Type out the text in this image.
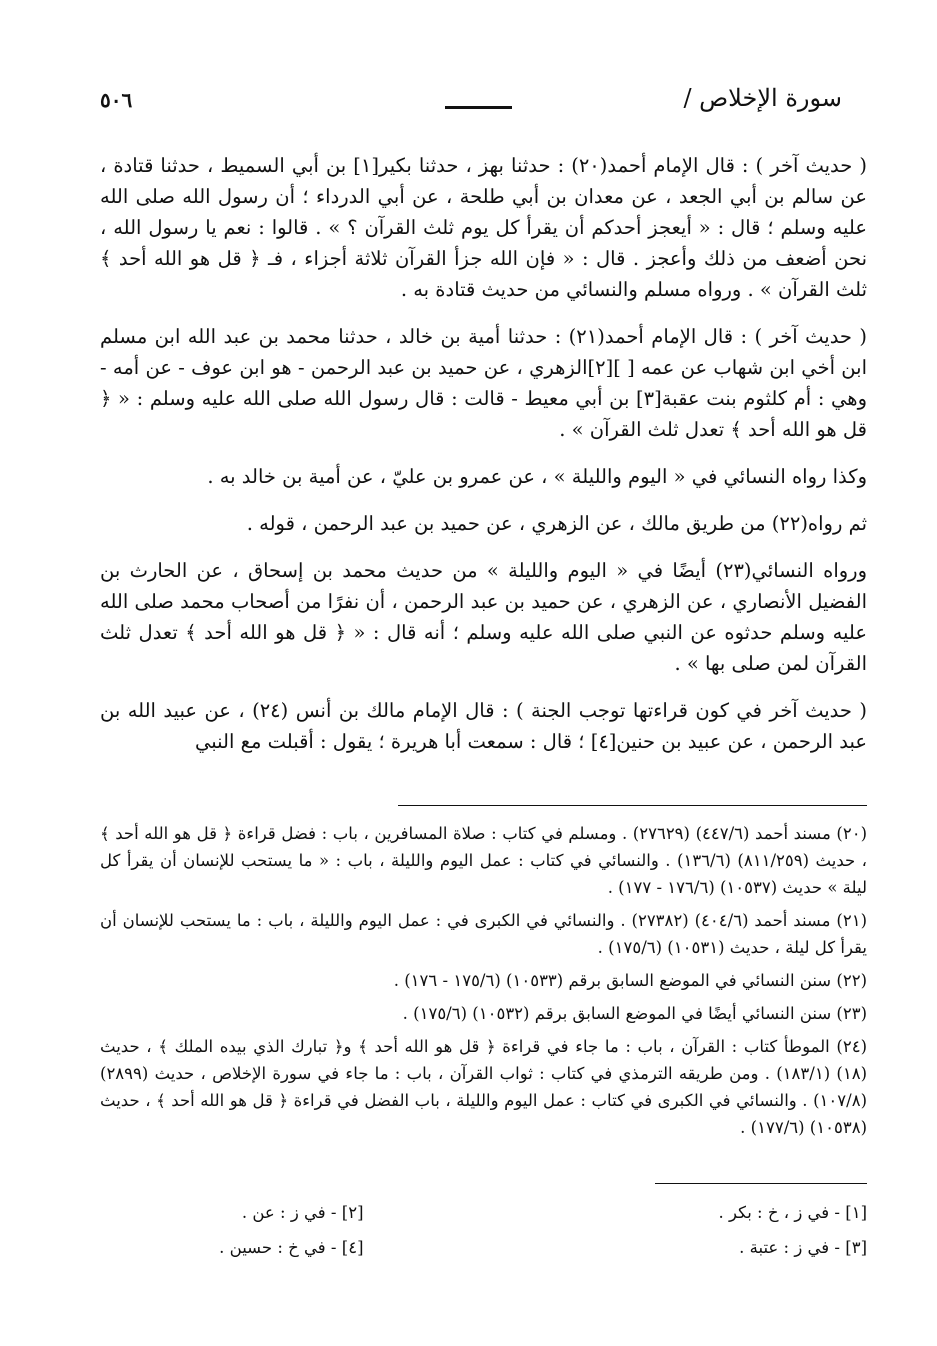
٥٠٦	سورة الإخلاص /

( حديث آخر ) : قال الإمام أحمد(٢٠) : حدثنا بهز ، حدثنا بكير[١] بن أبي السميط ، حدثنا قتادة ، عن سالم بن أبي الجعد ، عن معدان بن أبي طلحة ، عن أبي الدرداء ؛ أن رسول الله صلى الله عليه وسلم ؛ قال : « أيعجز أحدكم أن يقرأ كل يوم ثلث القرآن ؟ » . قالوا : نعم يا رسول الله ، نحن أضعف من ذلك وأعجز . قال : « فإن الله جزأ القرآن ثلاثة أجزاء ، فـ ﴿ قل هو الله أحد ﴾ ثلث القرآن » . ورواه مسلم والنسائي من حديث قتادة به .

( حديث آخر ) : قال الإمام أحمد(٢١) : حدثنا أمية بن خالد ، حدثنا محمد بن عبد الله ابن مسلم ابن أخي ابن شهاب عن عمه [ ][٢]الزهري ، عن حميد بن عبد الرحمن - هو ابن عوف - عن أمه - وهي : أم كلثوم بنت عقبة[٣] بن أبي معيط - قالت : قال رسول الله صلى الله عليه وسلم : « ﴿ قل هو الله أحد ﴾ تعدل ثلث القرآن » .

وكذا رواه النسائي في « اليوم والليلة » ، عن عمرو بن عليّ ، عن أمية بن خالد به .

ثم رواه(٢٢) من طريق مالك ، عن الزهري ، عن حميد بن عبد الرحمن ، قوله .

ورواه النسائي(٢٣) أيضًا في « اليوم والليلة » من حديث محمد بن إسحاق ، عن الحارث بن الفضيل الأنصاري ، عن الزهري ، عن حميد بن عبد الرحمن ، أن نفرًا من أصحاب محمد صلى الله عليه وسلم حدثوه عن النبي صلى الله عليه وسلم ؛ أنه قال : « ﴿ قل هو الله أحد ﴾ تعدل ثلث القرآن لمن صلى بها » .

( حديث آخر في كون قراءتها توجب الجنة ) : قال الإمام مالك بن أنس (٢٤) ، عن عبيد الله بن عبد الرحمن ، عن عبيد بن حنين[٤] ؛ قال : سمعت أبا هريرة ؛ يقول : أقبلت مع النبي

(٢٠) مسند أحمد (٤٤٧/٦) (٢٧٦٢٩) . ومسلم في كتاب : صلاة المسافرين ، باب : فضل قراءة ﴿ قل هو الله أحد ﴾ ، حديث (٨١١/٢٥٩) (١٣٦/٦) . والنسائي في كتاب : عمل اليوم والليلة ، باب : « ما يستحب للإنسان أن يقرأ كل ليلة » حديث (١٠٥٣٧) (١٧٦/٦ - ١٧٧) .

(٢١) مسند أحمد (٤٠٤/٦) (٢٧٣٨٢) . والنسائي في الكبرى في : عمل اليوم والليلة ، باب : ما يستحب للإنسان أن يقرأ كل ليلة ، حديث (١٠٥٣١) (١٧٥/٦) .

(٢٢) سنن النسائي في الموضع السابق برقم (١٠٥٣٣) (١٧٥/٦ - ١٧٦) .

(٢٣) سنن النسائي أيضًا في الموضع السابق برقم (١٠٥٣٢) (١٧٥/٦) .

(٢٤) الموطأ كتاب : القرآن ، باب : ما جاء في قراءة ﴿ قل هو الله أحد ﴾ و﴿ تبارك الذي بيده الملك ﴾ ، حديث (١٨) (١٨٣/١) . ومن طريقه الترمذي في كتاب : ثواب القرآن ، باب : ما جاء في سورة الإخلاص ، حديث (٢٨٩٩) (١٠٧/٨) . والنسائي في الكبرى في كتاب : عمل اليوم والليلة ، باب الفضل في قراءة ﴿ قل هو الله أحد ﴾ ، حديث (١٠٥٣٨) (١٧٧/٦) .

[١] - في ز ، خ : بكر .
[٢] - في ز : عن .
[٣] - في ز : عتبة .
[٤] - في خ : حسين .
